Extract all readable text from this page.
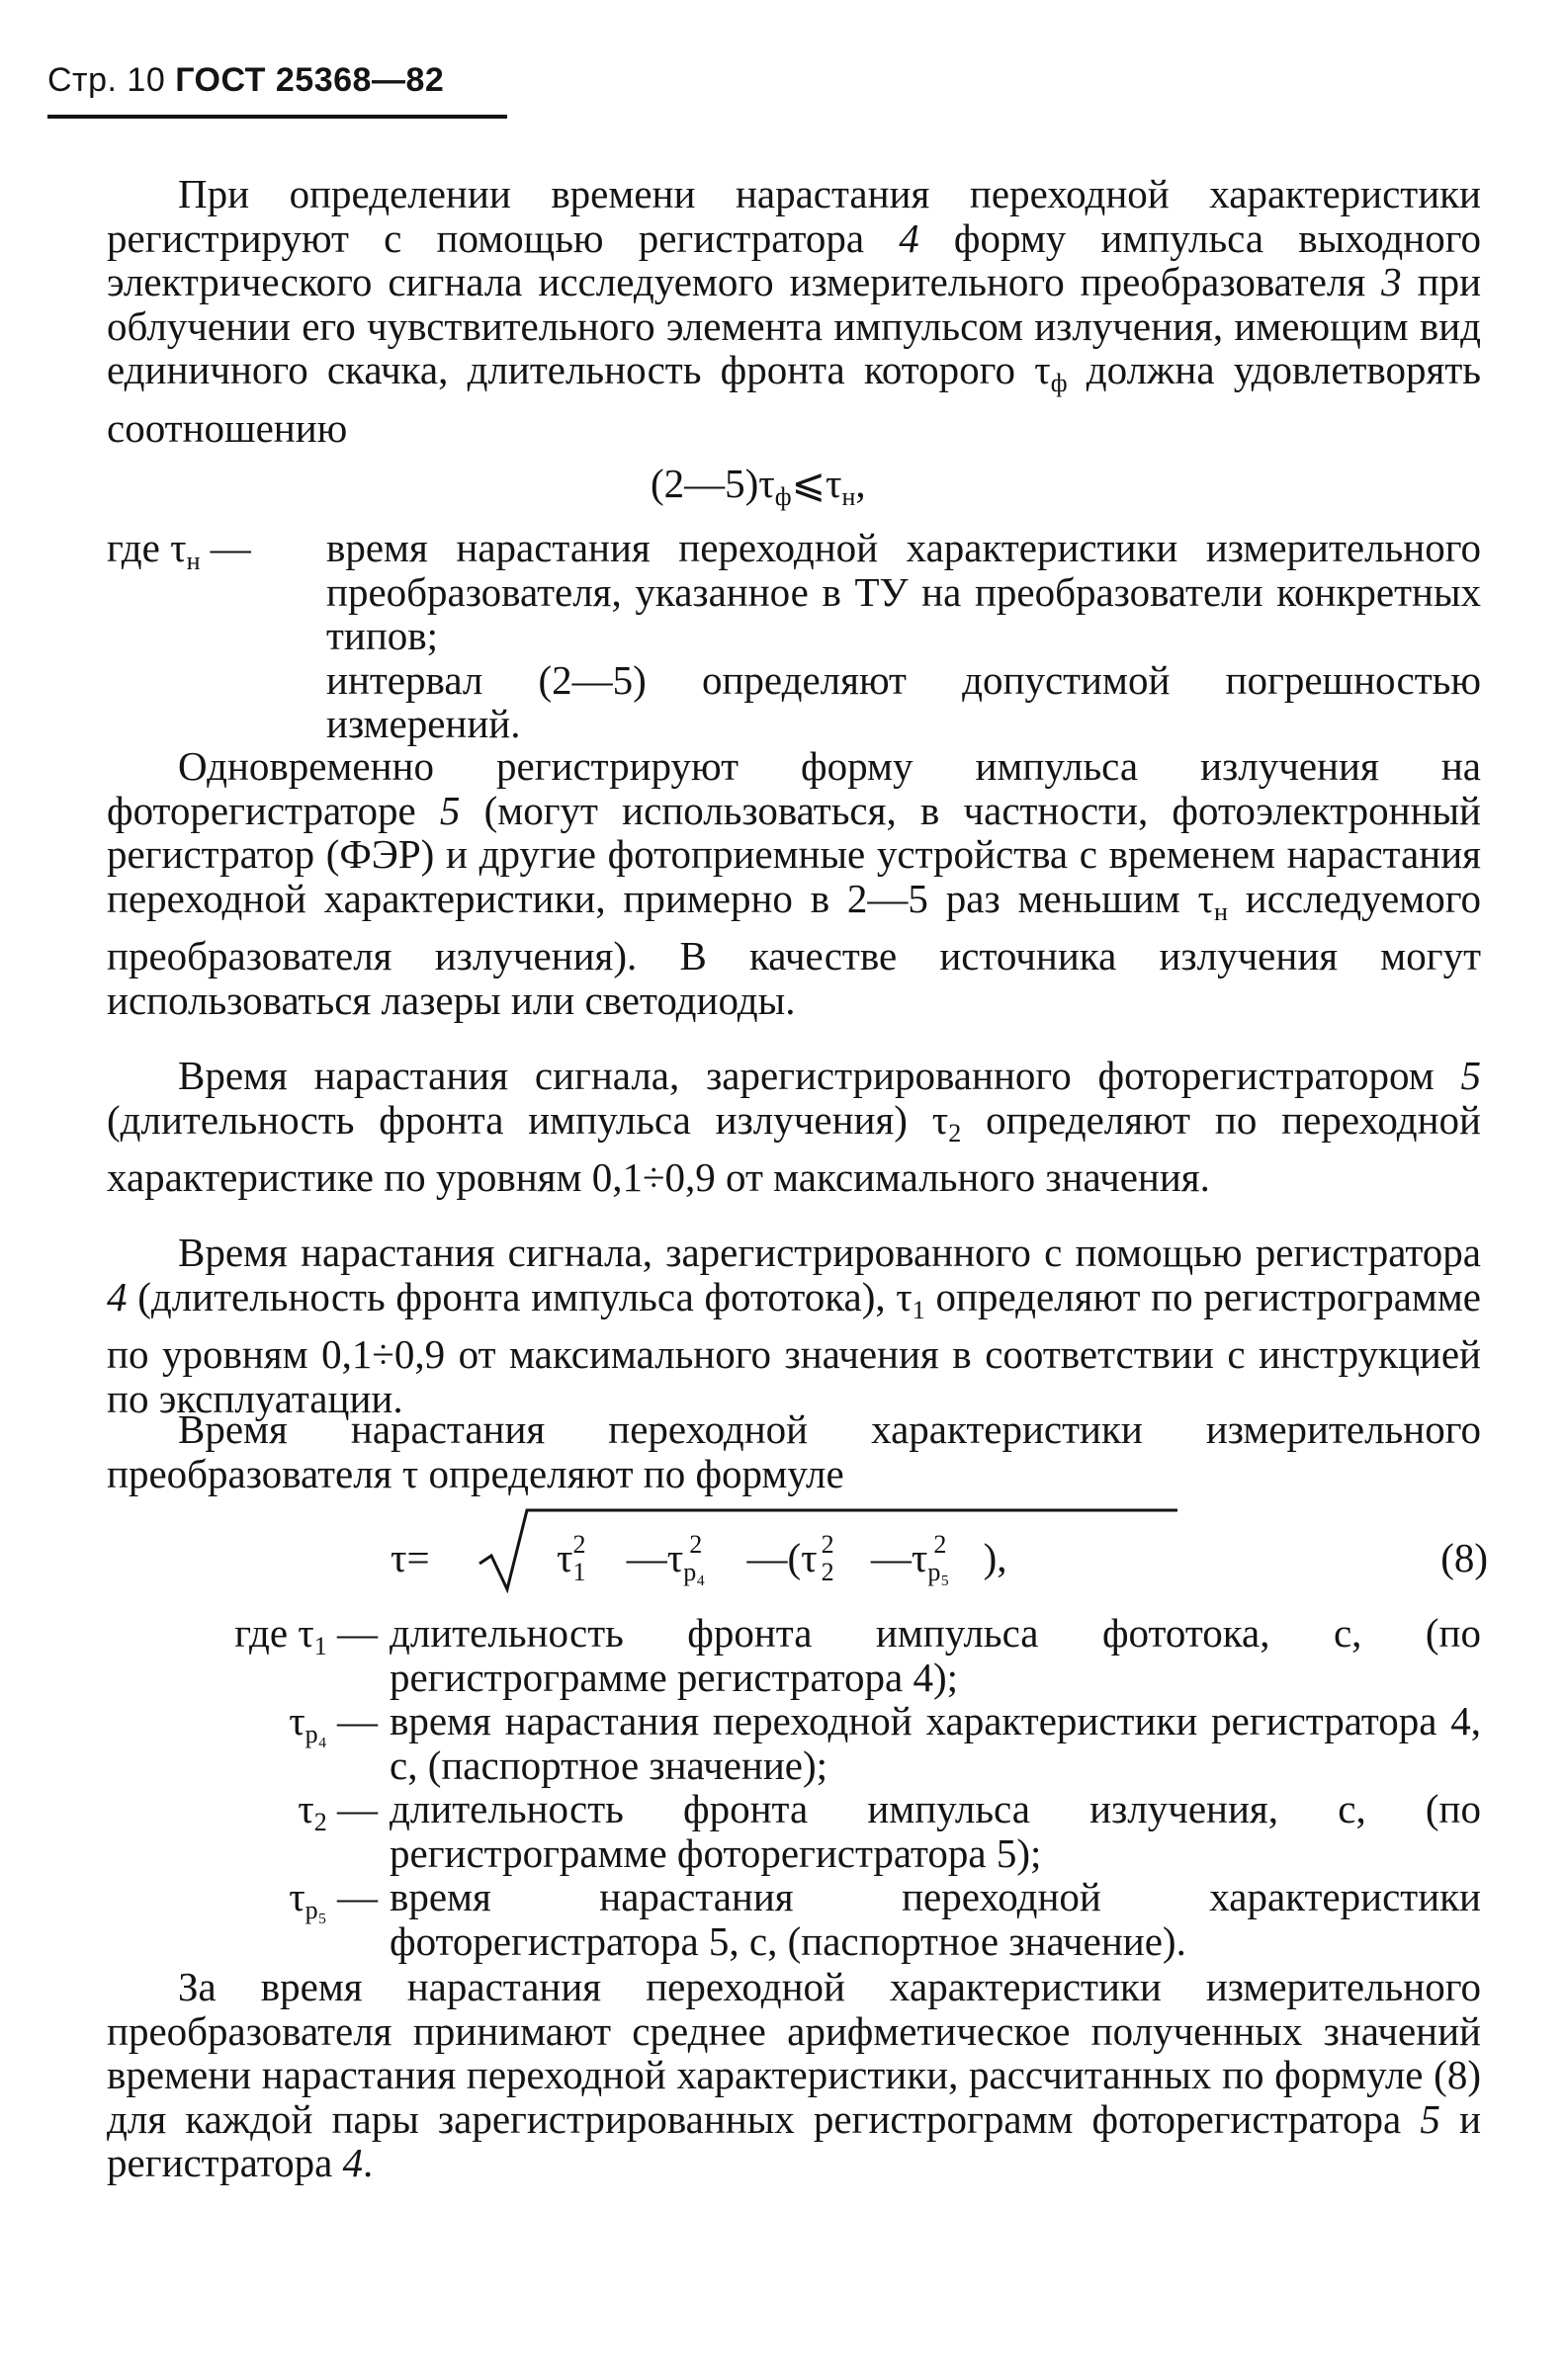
Стр. 10 ГОСТ 25368—82

При определении времени нарастания переходной характеристики регистрируют с помощью регистратора 4 форму импульса выходного электрического сигнала исследуемого измерительного преобразователя 3 при облучении его чувствительного элемента импульсом излучения, имеющим вид единичного скачка, длительность фронта которого $\tau_ф$ должна удовлетворять соотношению

$(2—5)\tau_ф⩽\tau_н$,
где $\tau_н$ — время нарастания переходной характеристики измерительного преобразователя, указанное в ТУ на преобразователи конкретных типов;
интервал (2—5) определяют допустимой погрешностью измерений.

Одновременно регистрируют форму импульса излучения на фоторегистраторе 5 (могут использоваться, в частности, фотоэлектронный регистратор (ФЭР) и другие фотоприемные устройства с временем нарастания переходной характеристики, примерно в 2—5 раз меньшим $\tau_н$ исследуемого преобразователя излучения). В качестве источника излучения могут использоваться лазеры или светодиоды.

Время нарастания сигнала, зарегистрированного фоторегистратором 5 (длительность фронта импульса излучения) $\tau_2$ определяют по переходной характеристике по уровням 0,1÷0,9 от максимального значения.

Время нарастания сигнала, зарегистрированного с помощью регистратора 4 (длительность фронта импульса фототока), $\tau_1$ определяют по регистрограмме по уровням 0,1÷0,9 от максимального значения в соответствии с инструкцией по эксплуатации.

Время нарастания переходной характеристики измерительного преобразователя τ определяют по формуле

τ=	τ 2
1 —τ 2
p₄ —(τ 2
2 —τ 2
p₅ ),	(8)
где $\tau_1$ — длительность фронта импульса фототока, с, (по регистрограмме регистратора 4);
$\tau_{p_4}$ — время нарастания переходной характеристики регистратора 4, с, (паспортное значение);
$\tau_2$ — длительность фронта импульса излучения, с, (по регистрограмме фоторегистратора 5);
$\tau_{p_5}$ — время нарастания переходной характеристики фоторегистратора 5, с, (паспортное значение).

За время нарастания переходной характеристики измерительного преобразователя принимают среднее арифметическое полученных значений времени нарастания переходной характеристики, рассчитанных по формуле (8) для каждой пары зарегистрированных регистрограмм фоторегистратора 5 и регистратора 4.
